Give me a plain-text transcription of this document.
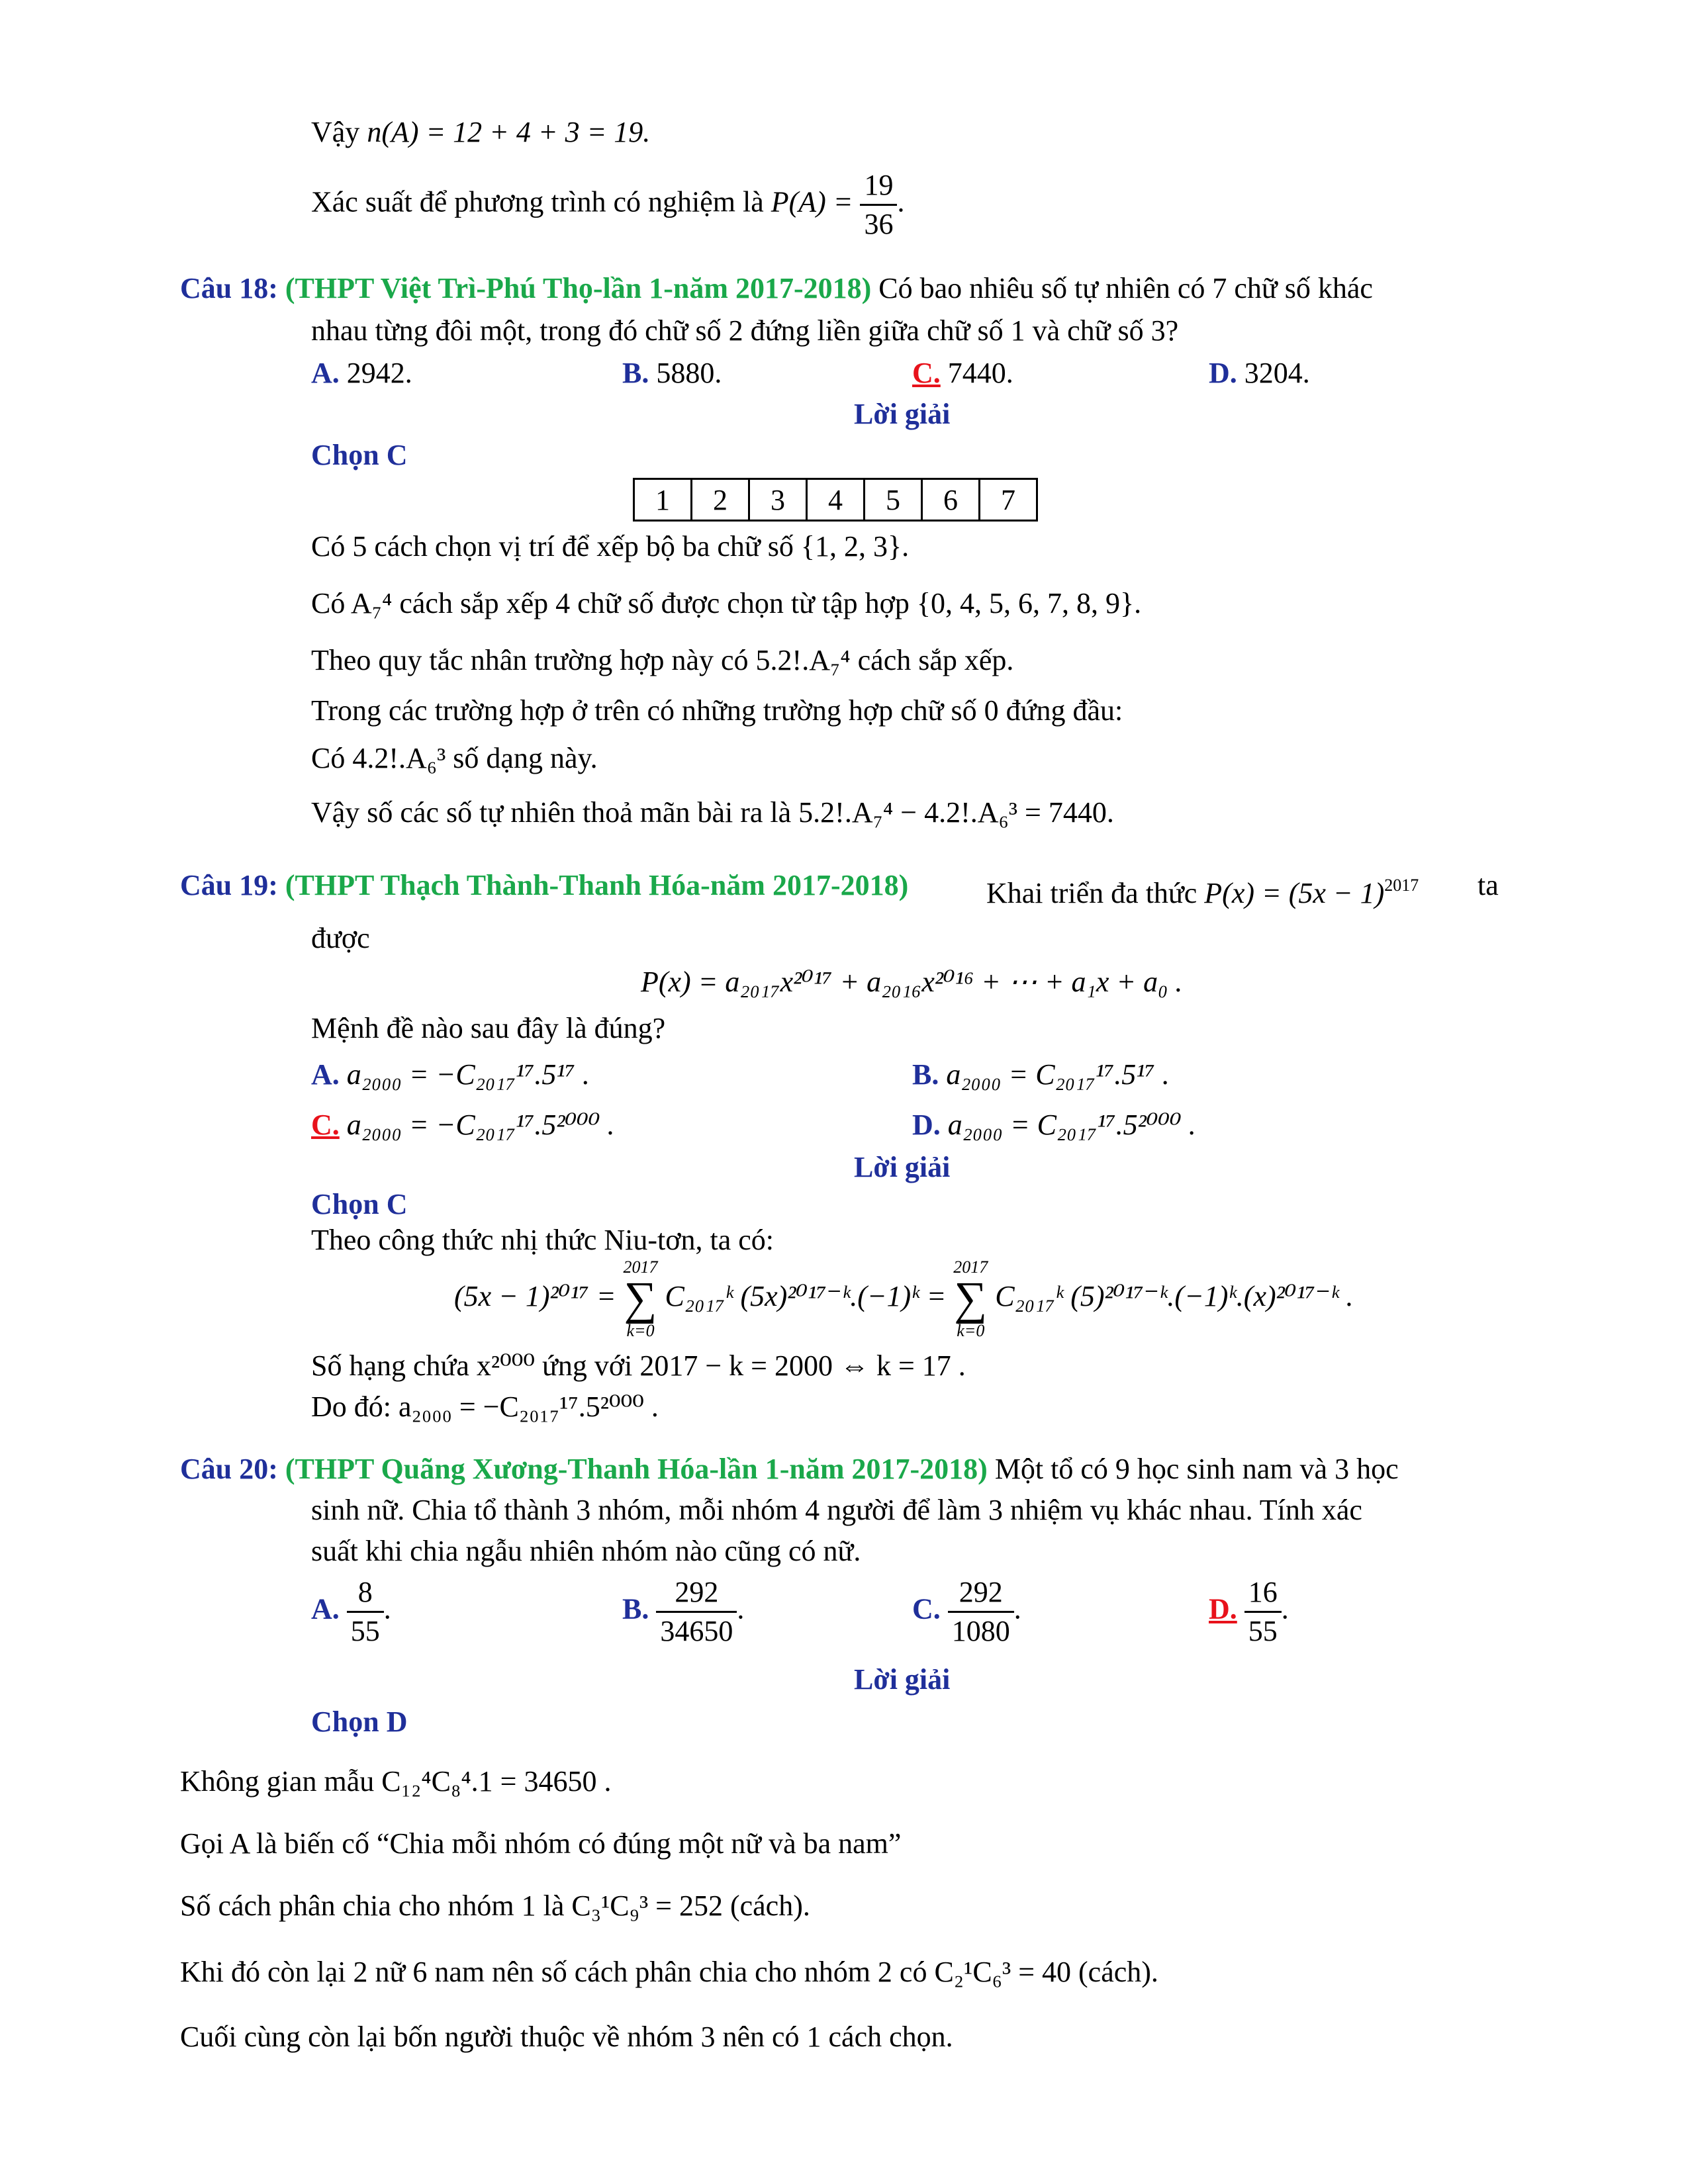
Vậy n(A) = 12 + 4 + 3 = 19.
Xác suất để phương trình có nghiệm là $P(A) = \frac{19}{36}$ .
Câu 18: (THPT Việt Trì-Phú Thọ-lần 1-năm 2017-2018) Có bao nhiêu số tự nhiên có 7 chữ số khác
nhau từng đôi một, trong đó chữ số 2 đứng liền giữa chữ số 1 và chữ số 3?
A. 2942.	B. 5880.	C. 7440.	D. 3204.
Lời giải
Chọn C
1	2	3	4	5	6	7
Có 5 cách chọn vị trí để xếp bộ ba chữ số {1, 2, 3}.
Có A₇⁴ cách sắp xếp 4 chữ số được chọn từ tập hợp {0, 4, 5, 6, 7, 8, 9}.
Theo quy tắc nhân trường hợp này có 5.2!.A₇⁴ cách sắp xếp.
Trong các trường hợp ở trên có những trường hợp chữ số 0 đứng đầu:
Có 4.2!.A₆³ số dạng này.
Vậy số các số tự nhiên thoả mãn bài ra là 5.2!.A₇⁴ − 4.2!.A₆³ = 7440.
Câu 19: (THPT Thạch Thành-Thanh Hóa-năm 2017-2018)	Khai triển đa thức $P(x) = (5x - 1)^{2017}$ ta
được
P(x) = a₂₀₁₇x²⁰¹⁷ + a₂₀₁₆x²⁰¹⁶ + ⋯ + a₁x + a₀ .
Mệnh đề nào sau đây là đúng?
A. a₂₀₀₀ = −C₂₀₁₇¹⁷.5¹⁷ .	B. a₂₀₀₀ = C₂₀₁₇¹⁷.5¹⁷ .
C. a₂₀₀₀ = −C₂₀₁₇¹⁷.5²⁰⁰⁰ .	D. a₂₀₀₀ = C₂₀₁₇¹⁷.5²⁰⁰⁰ .
Lời giải
Chọn C
Theo công thức nhị thức Niu-tơn, ta có:
(5x − 1)²⁰¹⁷ =
2017
∑
k=0
C₂₀₁₇ᵏ (5x)²⁰¹⁷⁻ᵏ.(−1)ᵏ =
2017
∑
k=0
C₂₀₁₇ᵏ (5)²⁰¹⁷⁻ᵏ.(−1)ᵏ.(x)²⁰¹⁷⁻ᵏ .
Số hạng chứa x²⁰⁰⁰ ứng với 2017 − k = 2000 ⇔ k = 17 .
Do đó: a₂₀₀₀ = −C₂₀₁₇¹⁷.5²⁰⁰⁰ .
Câu 20: (THPT Quãng Xương-Thanh Hóa-lần 1-năm 2017-2018) Một tổ có 9 học sinh nam và 3 học
sinh nữ. Chia tổ thành 3 nhóm, mỗi nhóm 4 người để làm 3 nhiệm vụ khác nhau. Tính xác
suất khi chia ngẫu nhiên nhóm nào cũng có nữ.
A. $\frac{8}{55}$ .	B. $\frac{292}{34650}$ .	C. $\frac{292}{1080}$ .	D. $\frac{16}{55}$ .
Lời giải
Chọn D
Không gian mẫu C₁₂⁴C₈⁴.1 = 34650 .
Gọi A là biến cố “Chia mỗi nhóm có đúng một nữ và ba nam”
Số cách phân chia cho nhóm 1 là C₃¹C₉³ = 252 (cách).
Khi đó còn lại 2 nữ 6 nam nên số cách phân chia cho nhóm 2 có C₂¹C₆³ = 40 (cách).
Cuối cùng còn lại bốn người thuộc về nhóm 3 nên có 1 cách chọn.
